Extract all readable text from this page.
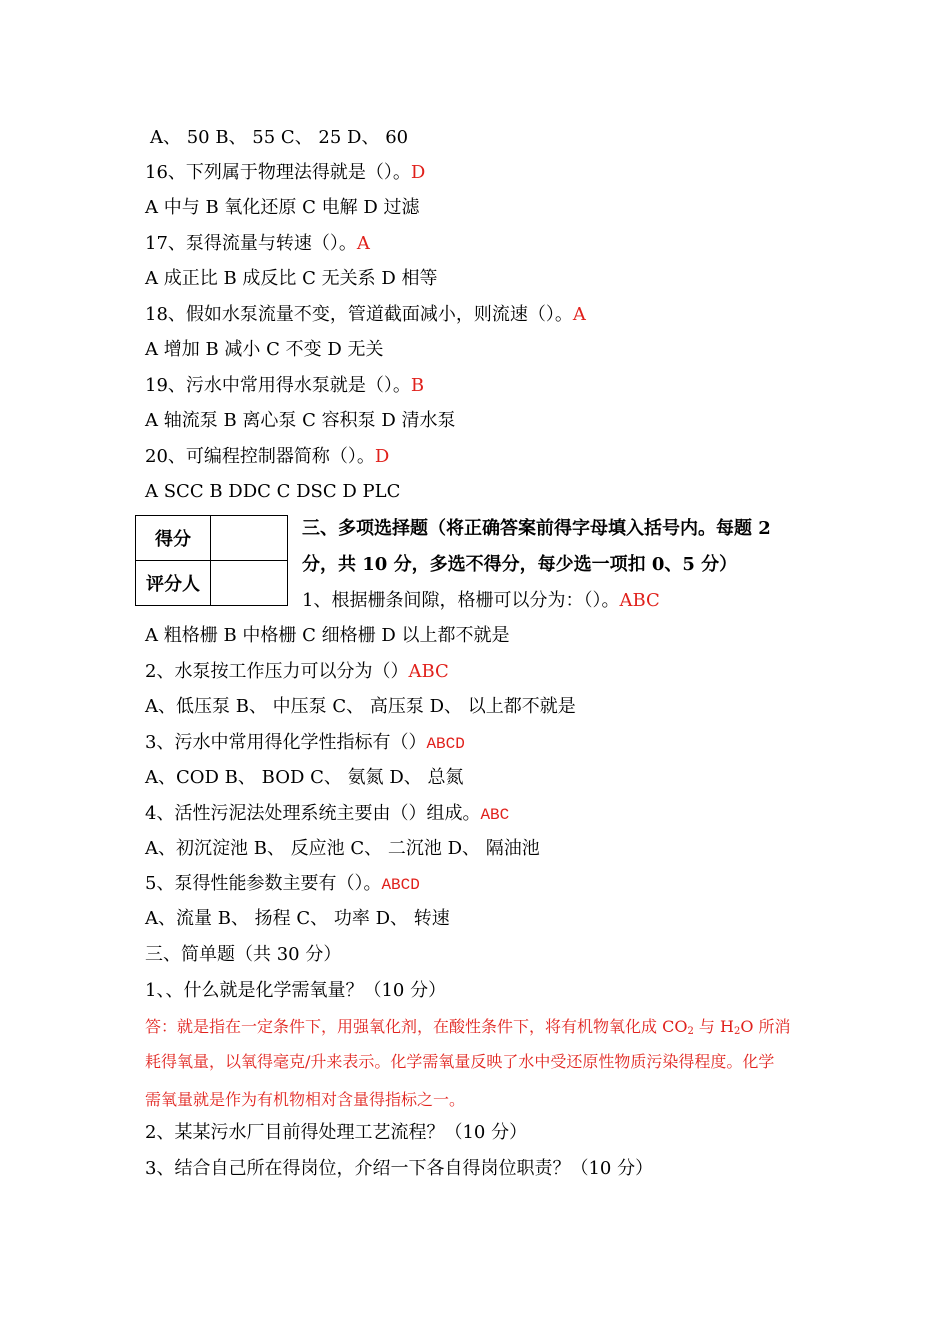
A、 50 B、 55 C、 25 D、 60
16、下列属于物理法得就是（）。D
A 中与 B 氧化还原 C 电解 D 过滤
17、泵得流量与转速（）。A
A 成正比 B 成反比 C 无关系 D 相等
18、假如水泵流量不变，管道截面减小，则流速（）。A
A 增加 B 减小 C 不变 D 无关
19、污水中常用得水泵就是（）。B
A 轴流泵 B 离心泵 C 容积泵 D 清水泵
20、可编程控制器简称（）。D
A SCC B DDC C DSC D PLC
得分	
评分人	
三、多项选择题（将正确答案前得字母填入括号内。每题 2
分，共 10 分，多选不得分，每少选一项扣 0、5 分）
1、根据栅条间隙，格栅可以分为：（）。ABC
A 粗格栅 B 中格栅 C 细格栅 D 以上都不就是
2、水泵按工作压力可以分为（）ABC
A、低压泵 B、 中压泵 C、 高压泵 D、 以上都不就是
3、污水中常用得化学性指标有（）ABCD
A、COD B、 BOD C、 氨氮 D、 总氮
4、活性污泥法处理系统主要由（）组成。ABC
A、初沉淀池 B、 反应池 C、 二沉池 D、 隔油池
5、泵得性能参数主要有（）。ABCD
A、流量 B、 扬程 C、 功率 D、 转速
三、简单题（共 30 分）
1、、什么就是化学需氧量？（10 分）
答：就是指在一定条件下，用强氧化剂，在酸性条件下，将有机物氧化成 $CO_2$ 与 $H_2O$ 所消
耗得氧量，以氧得毫克/升来表示。化学需氧量反映了水中受还原性物质污染得程度。化学
需氧量就是作为有机物相对含量得指标之一。
2、某某污水厂目前得处理工艺流程？（10 分）
3、结合自己所在得岗位，介绍一下各自得岗位职责？（10 分）
